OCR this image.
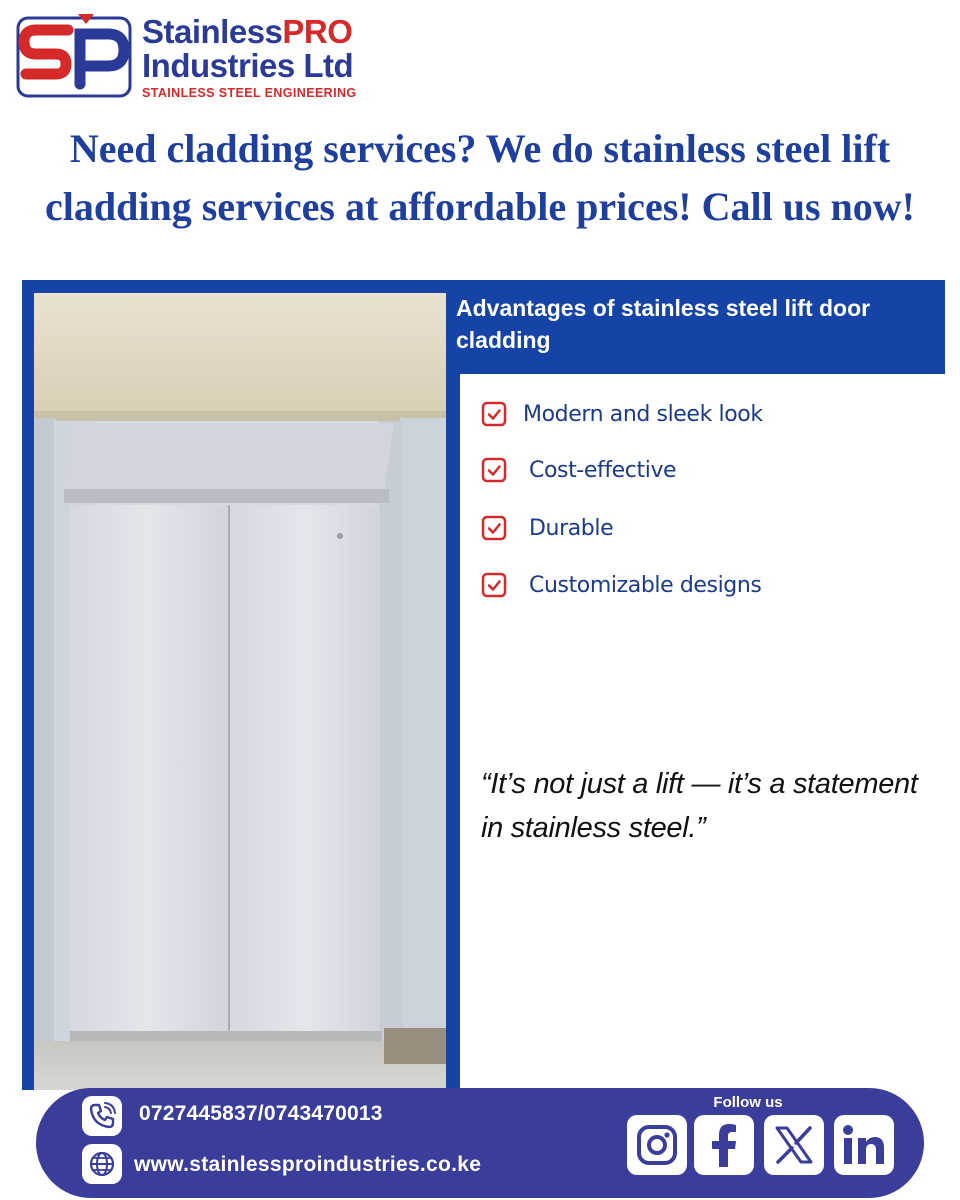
StainlessPRO
Industries Ltd
STAINLESS STEEL ENGINEERING
Need cladding services? We do stainless steel lift cladding services at affordable prices! Call us now!
Advantages of stainless steel lift door cladding
Modern and sleek look
Cost-effective
Durable
Customizable designs
“It’s not just a lift — it’s a statement in stainless steel.”
0727445837/0743470013
www.stainlessproindustries.co.ke
Follow us
